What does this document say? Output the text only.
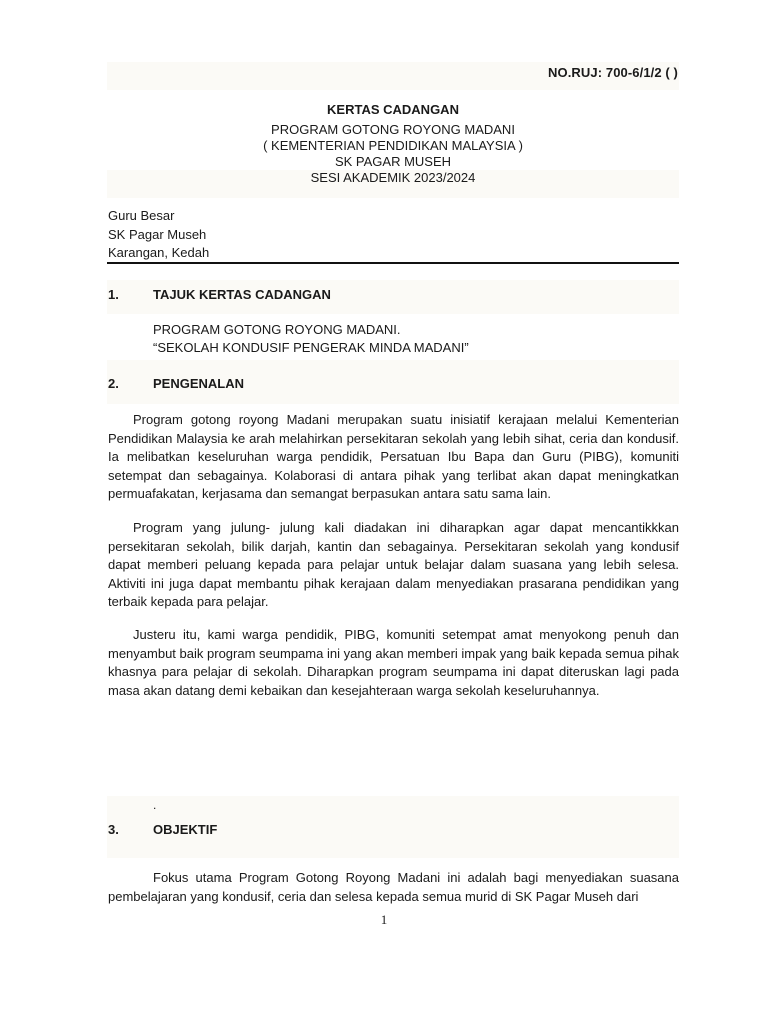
NO.RUJ: 700-6/1/2 ( )
KERTAS CADANGAN
PROGRAM GOTONG ROYONG MADANI
( KEMENTERIAN PENDIDIKAN MALAYSIA )
SK PAGAR MUSEH
SESI AKADEMIK 2023/2024
Guru Besar
SK Pagar Museh
Karangan, Kedah
1.	TAJUK KERTAS CADANGAN
PROGRAM GOTONG ROYONG MADANI.
“SEKOLAH KONDUSIF PENGERAK MINDA MADANI”
2.	PENGENALAN

Program gotong royong Madani merupakan suatu inisiatif kerajaan melalui Kementerian Pendidikan Malaysia ke arah melahirkan persekitaran sekolah yang lebih sihat, ceria dan kondusif. Ia melibatkan keseluruhan warga pendidik, Persatuan Ibu Bapa dan Guru (PIBG), komuniti setempat dan sebagainya. Kolaborasi di antara pihak yang terlibat akan dapat meningkatkan permuafakatan, kerjasama dan semangat berpasukan antara satu sama lain.

Program yang julung- julung kali diadakan ini diharapkan agar dapat mencantikkkan persekitaran sekolah, bilik darjah, kantin dan sebagainya. Persekitaran sekolah yang kondusif dapat memberi peluang kepada para pelajar untuk belajar dalam suasana yang lebih selesa. Aktiviti ini juga dapat membantu pihak kerajaan dalam menyediakan prasarana pendidikan yang terbaik kepada para pelajar.

Justeru itu, kami warga pendidik, PIBG, komuniti setempat amat menyokong penuh dan menyambut baik program seumpama ini yang akan memberi impak yang baik kepada semua pihak khasnya para pelajar di sekolah. Diharapkan program seumpama ini dapat diteruskan lagi pada masa akan datang demi kebaikan dan kesejahteraan warga sekolah keseluruhannya.

.
3.	OBJEKTIF

Fokus utama Program Gotong Royong Madani ini adalah bagi menyediakan suasana pembelajaran yang kondusif, ceria dan selesa kepada semua murid di SK Pagar Museh dari

1
